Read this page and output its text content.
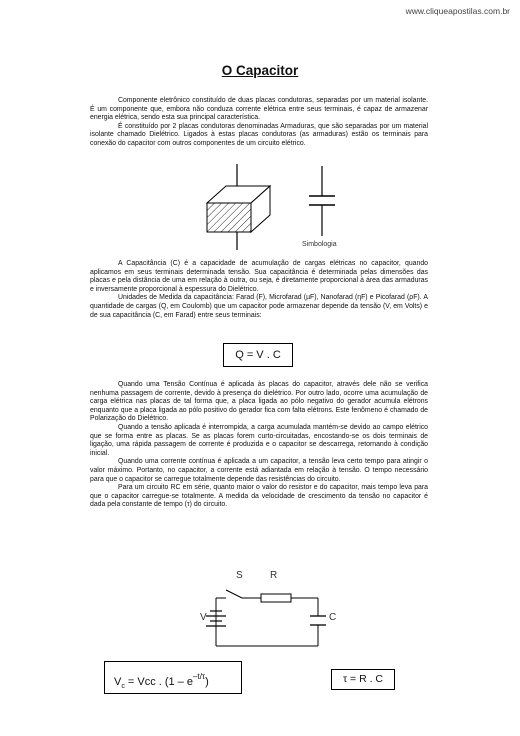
www.cliqueapostilas.com.br
O Capacitor

Componente eletrônico constituído de duas placas condutoras, separadas por um material isolante. É um componente que, embora não conduza corrente elétrica entre seus terminais, é capaz de armazenar energia elétrica, sendo esta sua principal característica.

É constituído por 2 placas condutoras denominadas Armaduras, que são separadas por um material isolante chamado Dielétrico. Ligados à estas placas condutoras (as armaduras) estão os terminais para conexão do capacitor com outros componentes de um circuito elétrico.

Simbologia

A Capacitância (C) é a capacidade de acumulação de cargas elétricas no capacitor, quando aplicamos em seus terminais determinada tensão. Sua capacitância é determinada pelas dimensões das placas e pela distância de uma em relação à outra, ou seja, é diretamente proporcional à área das armaduras e inversamente proporcional à espessura do Dielétrico.

Unidades de Medida da capacitância: Farad (F), Microfarad (µF), Nanofarad (ηF) e Picofarad (ρF). A quantidade de cargas (Q, em Coulomb) que um capacitor pode armazenar depende da tensão (V, em Volts) e de sua capacitância (C, em Farad) entre seus terminais:

Q = V . C

Quando uma Tensão Contínua é aplicada às placas do capacitor, através dele não se verifica nenhuma passagem de corrente, devido à presença do dielétrico. Por outro lado, ocorre uma acumulação de carga elétrica nas placas de tal forma que, a placa ligada ao pólo negativo do gerador acumula elétrons enquanto que a placa ligada ao pólo positivo do gerador fica com falta elétrons. Este fenômeno é chamado de Polarização do Dielétrico.

Quando a tensão aplicada é interrompida, a carga acumulada mantém-se devido ao campo elétrico que se forma entre as placas. Se as placas forem curto-circuitadas, encostando-se os dois terminais de ligação, uma rápida passagem de corrente é produzida e o capacitor se descarrega, retornando à condição inicial.

Quando uma corrente contínua é aplicada a um capacitor, a tensão leva certo tempo para atingir o valor máximo. Portanto, no capacitor, a corrente está adiantada em relação à tensão. O tempo necessário para que o capacitor se carregue totalmente depende das resistências do circuito.

Para um circuito RC em série, quanto maior o valor do resistor e do capacitor, mais tempo leva para que o capacitor carregue-se totalmente. A medida da velocidade de crescimento da tensão no capacitor é dada pela constante de tempo (τ) do circuito.

S	R
V	C
$V_c$ = Vcc . $(1 - e^{-t/\tau})$	τ = R . C
